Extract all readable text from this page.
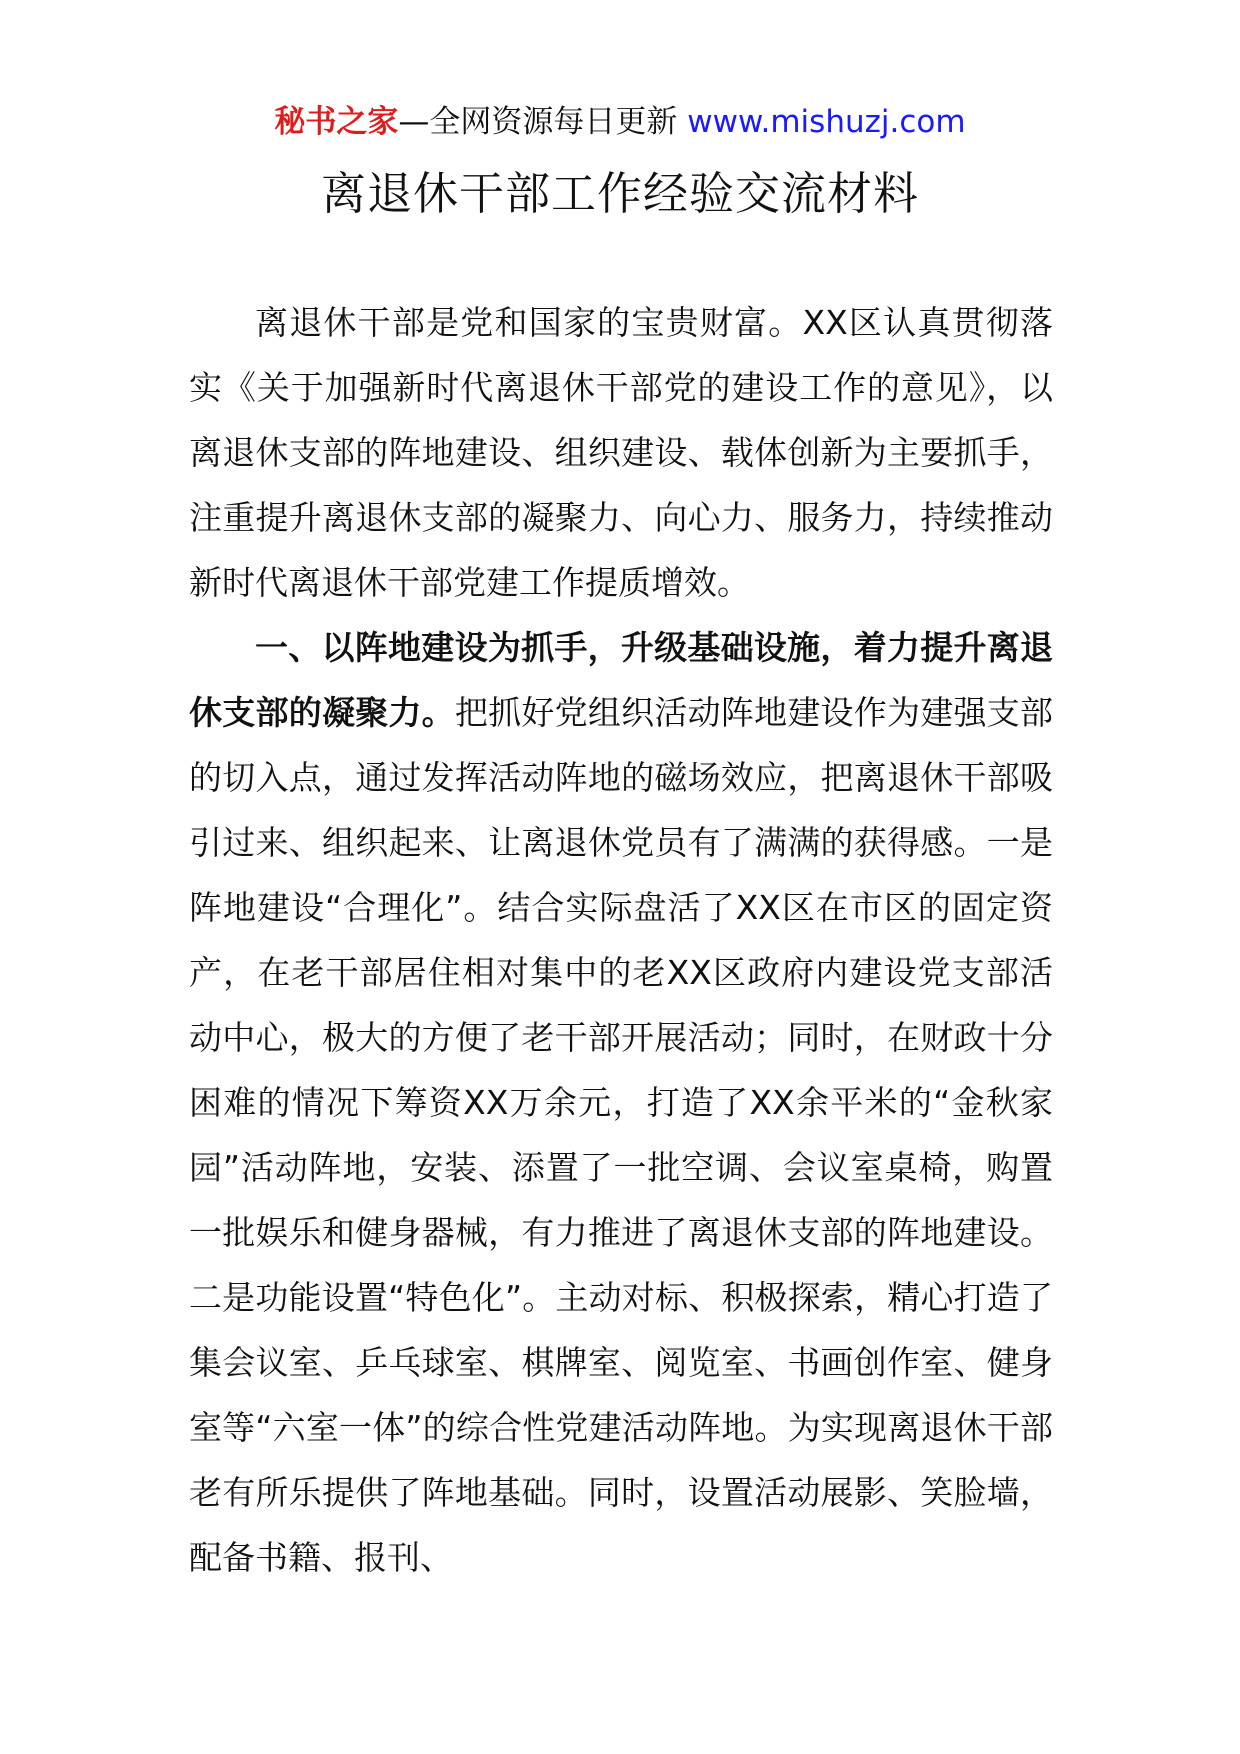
秘书之家—全网资源每日更新 www.mishuzj.com
离退休干部工作经验交流材料

离退休干部是党和国家的宝贵财富。XX区认真贯彻落实《关于加强新时代离退休干部党的建设工作的意见》，以离退休支部的阵地建设、组织建设、载体创新为主要抓手，注重提升离退休支部的凝聚力、向心力、服务力，持续推动新时代离退休干部党建工作提质增效。

一、以阵地建设为抓手，升级基础设施，着力提升离退休支部的凝聚力。把抓好党组织活动阵地建设作为建强支部的切入点，通过发挥活动阵地的磁场效应，把离退休干部吸引过来、组织起来、让离退休党员有了满满的获得感。一是阵地建设“合理化”。结合实际盘活了XX区在市区的固定资产，在老干部居住相对集中的老XX区政府内建设党支部活动中心，极大的方便了老干部开展活动；同时，在财政十分困难的情况下筹资XX万余元，打造了XX余平米的“金秋家园”活动阵地，安装、添置了一批空调、会议室桌椅，购置一批娱乐和健身器械，有力推进了离退休支部的阵地建设。二是功能设置“特色化”。主动对标、积极探索，精心打造了集会议室、乒乓球室、棋牌室、阅览室、书画创作室、健身室等“六室一体”的综合性党建活动阵地。为实现离退休干部老有所乐提供了阵地基础。同时，设置活动展影、笑脸墙，配备书籍、报刊、
